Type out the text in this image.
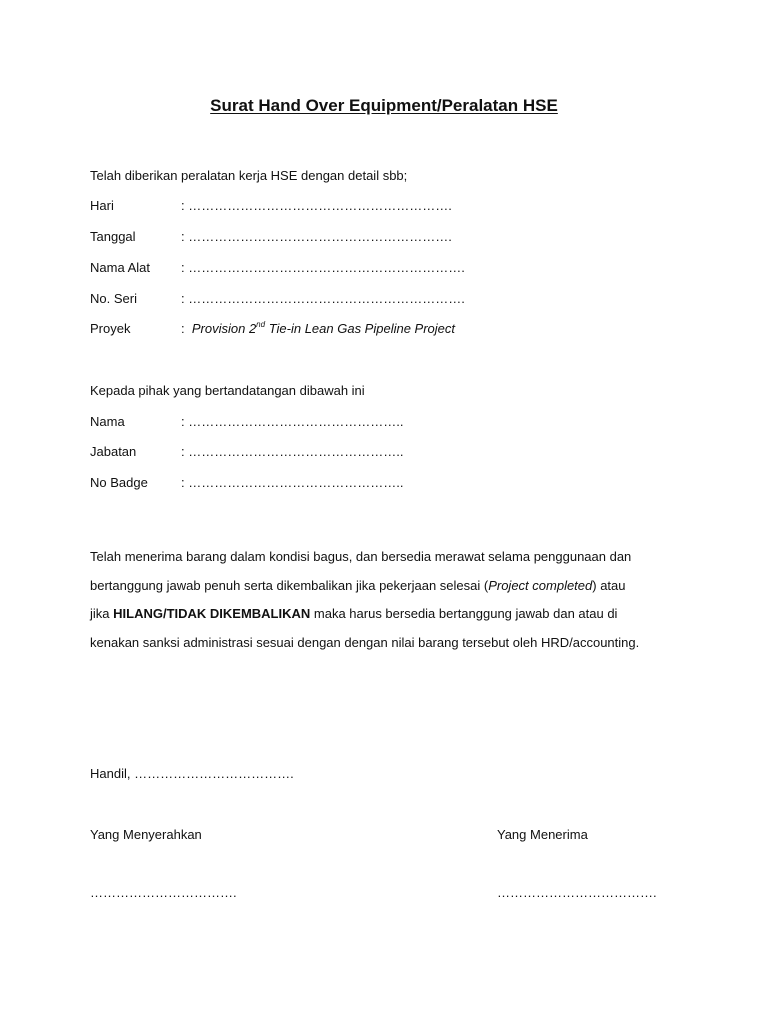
Surat Hand Over Equipment/Peralatan HSE
Telah diberikan peralatan kerja HSE dengan detail sbb;
Hari	: …………………………………………………….
Tanggal	: …………………………………………………….
Nama Alat : ……………………………………………………….
No. Seri	: ……………………………………………………….
Proyek	: Provision 2nd Tie-in Lean Gas Pipeline Project
Kepada pihak yang bertandatangan dibawah ini
Nama	: …………………………………………..
Jabatan	: …………………………………………..
No Badge	: …………………………………………..

Telah menerima barang dalam kondisi bagus, dan bersedia merawat selama penggunaan dan

bertanggung jawab penuh serta dikembalikan jika pekerjaan selesai (Project completed) atau

jika HILANG/TIDAK DIKEMBALIKAN maka harus bersedia bertanggung jawab dan atau di

kenakan sanksi administrasi sesuai dengan dengan nilai barang tersebut oleh HRD/accounting.

Handil, ……………………………….
Yang Menyerahkan	Yang Menerima
…………………………….	……………………………….
